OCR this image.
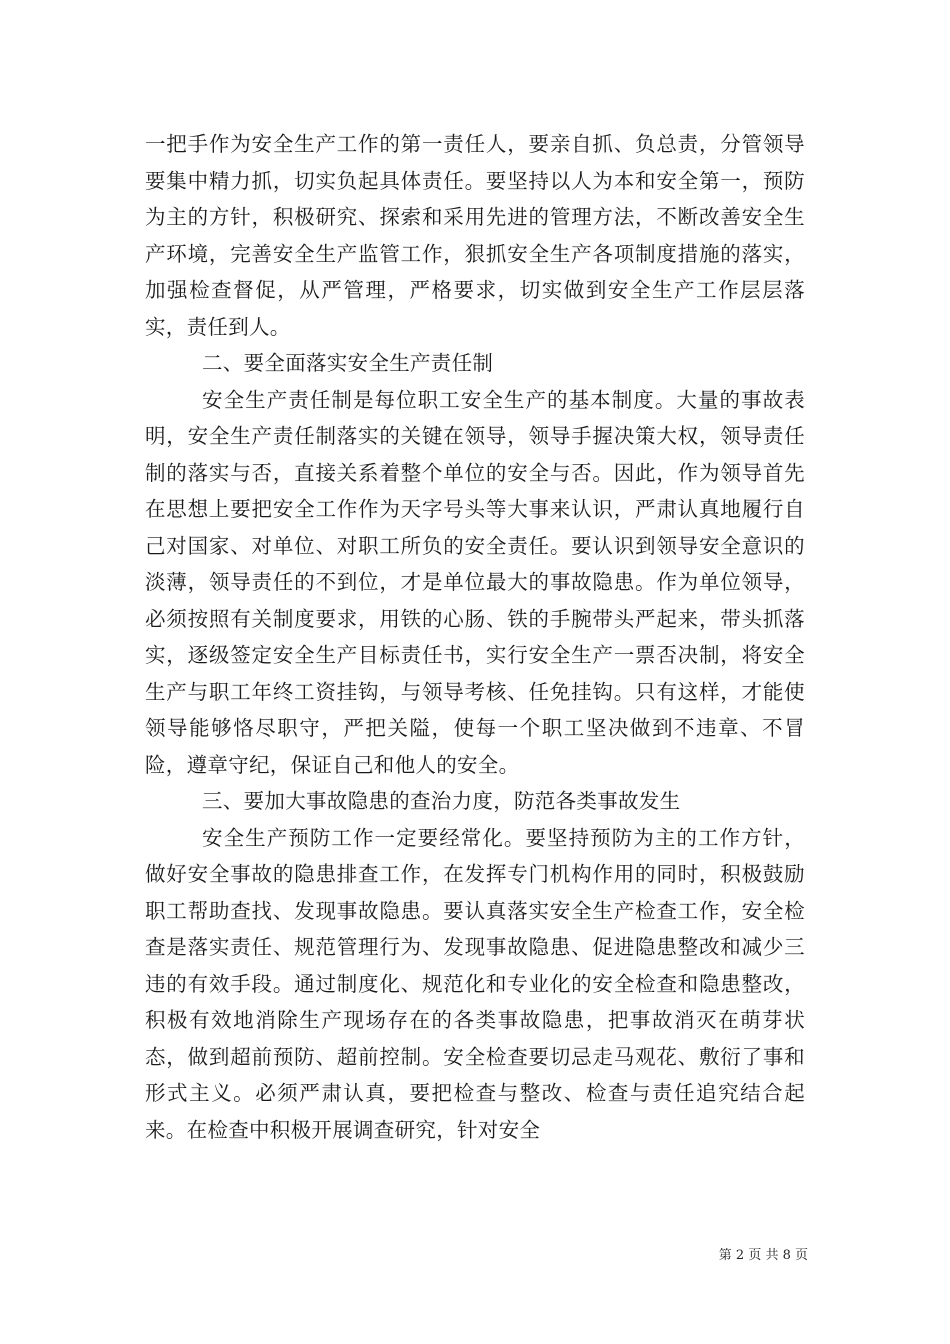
一把手作为安全生产工作的第一责任人，要亲自抓、负总责，分管领导要集中精力抓，切实负起具体责任。要坚持以人为本和安全第一，预防为主的方针，积极研究、探索和采用先进的管理方法，不断改善安全生产环境，完善安全生产监管工作，狠抓安全生产各项制度措施的落实，加强检查督促，从严管理，严格要求，切实做到安全生产工作层层落实，责任到人。

二、要全面落实安全生产责任制

安全生产责任制是每位职工安全生产的基本制度。大量的事故表明，安全生产责任制落实的关键在领导，领导手握决策大权，领导责任制的落实与否，直接关系着整个单位的安全与否。因此，作为领导首先在思想上要把安全工作作为天字号头等大事来认识，严肃认真地履行自己对国家、对单位、对职工所负的安全责任。要认识到领导安全意识的淡薄，领导责任的不到位，才是单位最大的事故隐患。作为单位领导，必须按照有关制度要求，用铁的心肠、铁的手腕带头严起来，带头抓落实，逐级签定安全生产目标责任书，实行安全生产一票否决制，将安全生产与职工年终工资挂钩，与领导考核、任免挂钩。只有这样，才能使领导能够恪尽职守，严把关隘，使每一个职工坚决做到不违章、不冒险，遵章守纪，保证自己和他人的安全。

三、要加大事故隐患的查治力度，防范各类事故发生

安全生产预防工作一定要经常化。要坚持预防为主的工作方针，做好安全事故的隐患排查工作，在发挥专门机构作用的同时，积极鼓励职工帮助查找、发现事故隐患。要认真落实安全生产检查工作，安全检查是落实责任、规范管理行为、发现事故隐患、促进隐患整改和减少三违的有效手段。通过制度化、规范化和专业化的安全检查和隐患整改，积极有效地消除生产现场存在的各类事故隐患，把事故消灭在萌芽状态，做到超前预防、超前控制。安全检查要切忌走马观花、敷衍了事和形式主义。必须严肃认真，要把检查与整改、检查与责任追究结合起来。在检查中积极开展调查研究，针对安全

第 2 页 共 8 页
